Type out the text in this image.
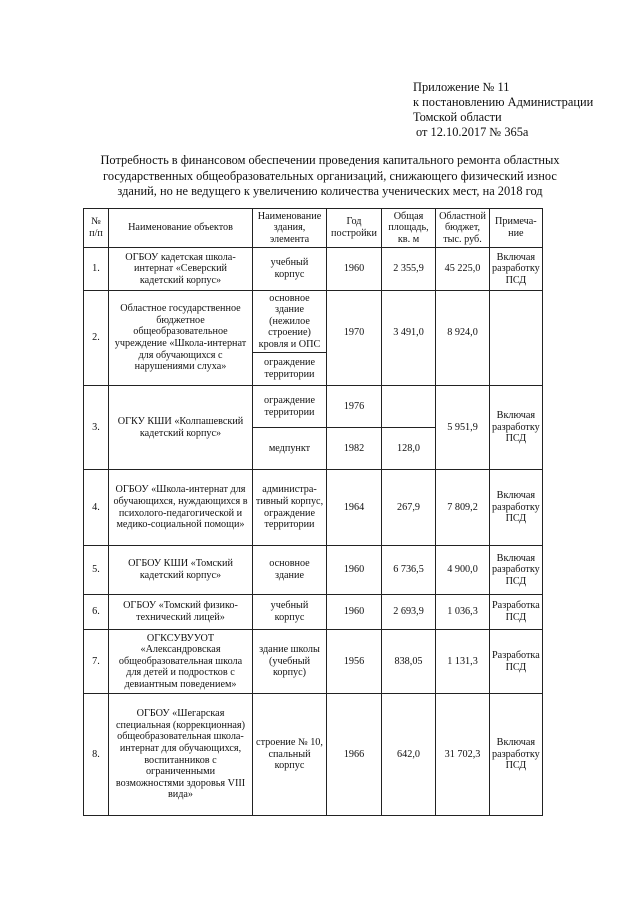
Приложение № 11
к постановлению Администрации
Томской области
от 12.10.2017 № 365а
Потребность в финансовом обеспечении проведения капитального ремонта областных
государственных общеобразовательных организаций, снижающего физический износ
зданий, но не ведущего к увеличению количества ученических мест, на 2018 год
№ п/п	Наименование объектов	Наименование здания, элемента	Год постройки	Общая площадь, кв. м	Областной бюджет, тыс. руб.	Примеча- ние
1.	ОГБОУ кадетская школа-интернат «Северский кадетский корпус»	учебный корпус	1960	2 355,9	45 225,0	Включая разработку ПСД
2.	Областное государственное бюджетное общеобразовательное учреждение «Школа-интернат для обучающихся с нарушениями слуха»	основное здание (нежилое строение) кровля и ОПС	1970	3 491,0	8 924,0	
		ограждение территории				
3.	ОГКУ КШИ «Колпашевский кадетский корпус»	ограждение территории	1976		5 951,9	Включая разработку ПСД
		медпункт	1982	128,0		
4.	ОГБОУ «Школа-интернат для обучающихся, нуждающихся в психолого-педагогической и медико-социальной помощи»	администра-тивный корпус, ограждение территории	1964	267,9	7 809,2	Включая разработку ПСД
5.	ОГБОУ КШИ «Томский кадетский корпус»	основное здание	1960	6 736,5	4 900,0	Включая разработку ПСД
6.	ОГБОУ «Томский физико-технический лицей»	учебный корпус	1960	2 693,9	1 036,3	Разработка ПСД
7.	ОГКСУВУУОТ «Александровская общеобразовательная школа для детей и подростков с девиантным поведением»	здание школы (учебный корпус)	1956	838,05	1 131,3	Разработка ПСД
8.	ОГБОУ «Шегарская специальная (коррекционная) общеобразовательная школа-интернат для обучающихся, воспитанников с ограниченными возможностями здоровья VIII вида»	строение № 10, спальный корпус	1966	642,0	31 702,3	Включая разработку ПСД
